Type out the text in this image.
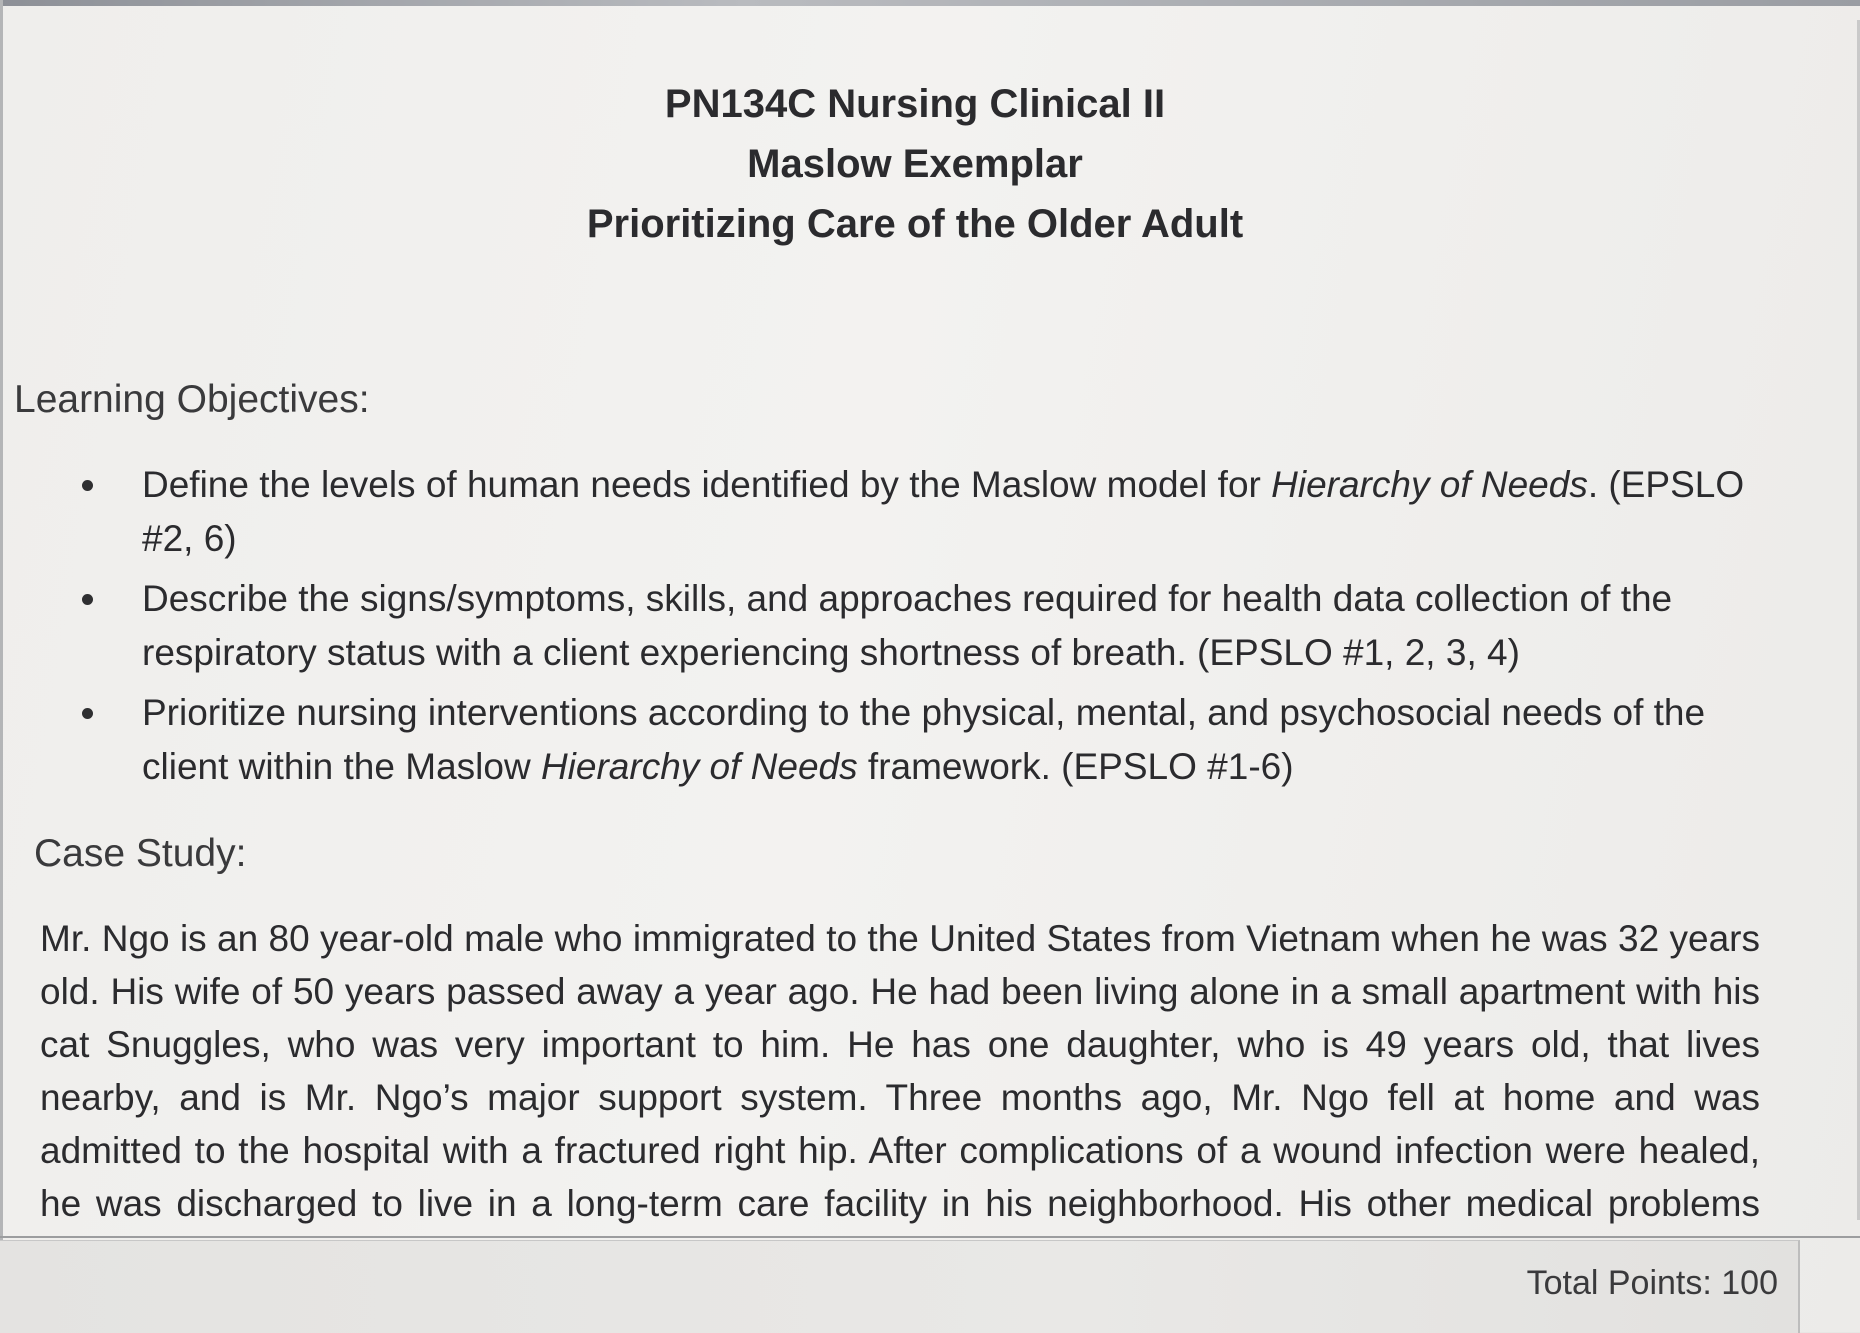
PN134C Nursing Clinical II
Maslow Exemplar
Prioritizing Care of the Older Adult
Learning Objectives:
Define the levels of human needs identified by the Maslow model for Hierarchy of Needs. (EPSLO #2, 6)
Describe the signs/symptoms, skills, and approaches required for health data collection of the respiratory status with a client experiencing shortness of breath. (EPSLO #1, 2, 3, 4)
Prioritize nursing interventions according to the physical, mental, and psychosocial needs of the client within the Maslow Hierarchy of Needs framework. (EPSLO #1-6)
Case Study:
Mr. Ngo is an 80 year-old male who immigrated to the United States from Vietnam when he was 32 years old. His wife of 50 years passed away a year ago. He had been living alone in a small apartment with his cat Snuggles, who was very important to him. He has one daughter, who is 49 years old, that lives nearby, and is Mr. Ngo’s major support system. Three months ago, Mr. Ngo fell at home and was admitted to the hospital with a fractured right hip. After complications of a wound infection were healed, he was discharged to live in a long-term care facility in his neighborhood. His other medical problems
Total Points: 100
